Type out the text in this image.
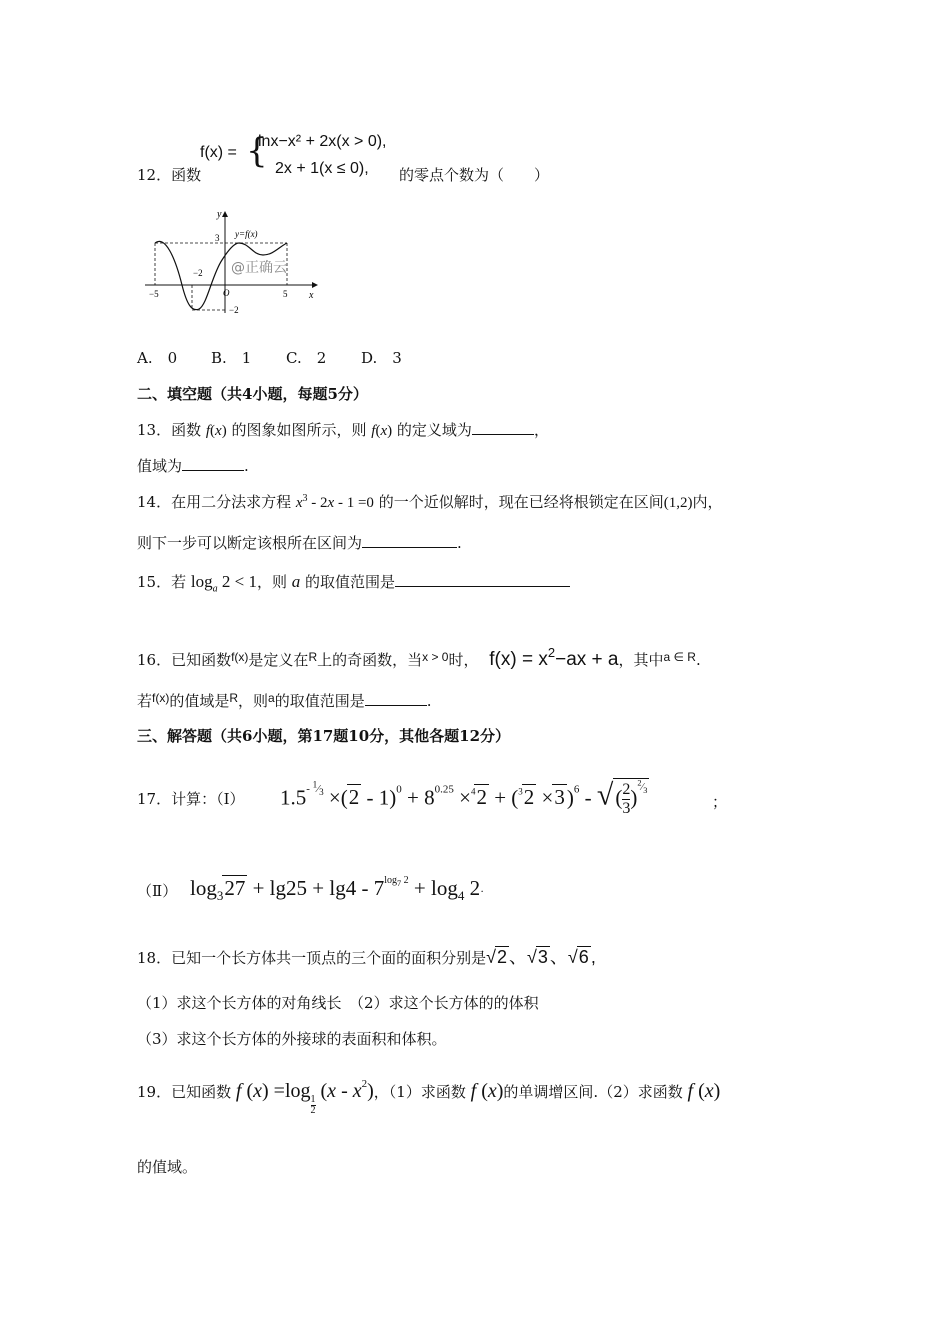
12．函数
f(x) = {
lnx−x² + 2x(x > 0),
2x + 1(x ≤ 0), 的零点个数为（　　）
y
x
y=f(x)
3
−2
−5	O	5
−2
@正确云
A.　0 B.　1 C.　2 D.　3
二、填空题（共4小题，每题5分）
13．函数 f(x) 的图象如图所示，则 f(x) 的定义域为	，
值域为	.
14．在用二分法求方程 $x^3 - 2x - 1 =0$ 的一个近似解时，现在已经将根锁定在区间(1,2)内，
则下一步可以断定该根所在区间为	.
15．若 $\log_a 2 < 1$，则 a 的取值范围是
16．已知函数$^{f(x)}$是定义在$^R$上的奇函数，当$^{x > 0}$时， $f(x) = x^2-ax + a$，其中$^{a \in R}$.
若$^{f(x)}$的值域是$^R$，则$^a$的取值范围是	.
三、解答题（共6小题，第17题10分，其他各题12分）
17．计算：（Ⅰ） $1.5^{- ^1⁄_3} \times(2 - 1)^0 + 8^{0.25} \times^42 + (^32 \times 3)^6$ - √( $\frac{2}{3} )^{^2⁄_3}$
；
（Ⅱ） $\log_327 + \lg 25 + \lg 4 - 7^{log_7 2} + \log_4 2\cdot$
18．已知一个长方体共一顶点的三个面的面积分别是√2 、√3 、√6 ,
（1）求这个长方体的对角线长　（2）求这个长方体的的体积
（3）求这个长方体的外接球的表面积和体积。
19．已知函数 f (x) =log
$\frac{1}{2}$
$(x - x^2)$，（1）求函数 f (x)的单调增区间.（2）求函数 f (x)
的值域。
